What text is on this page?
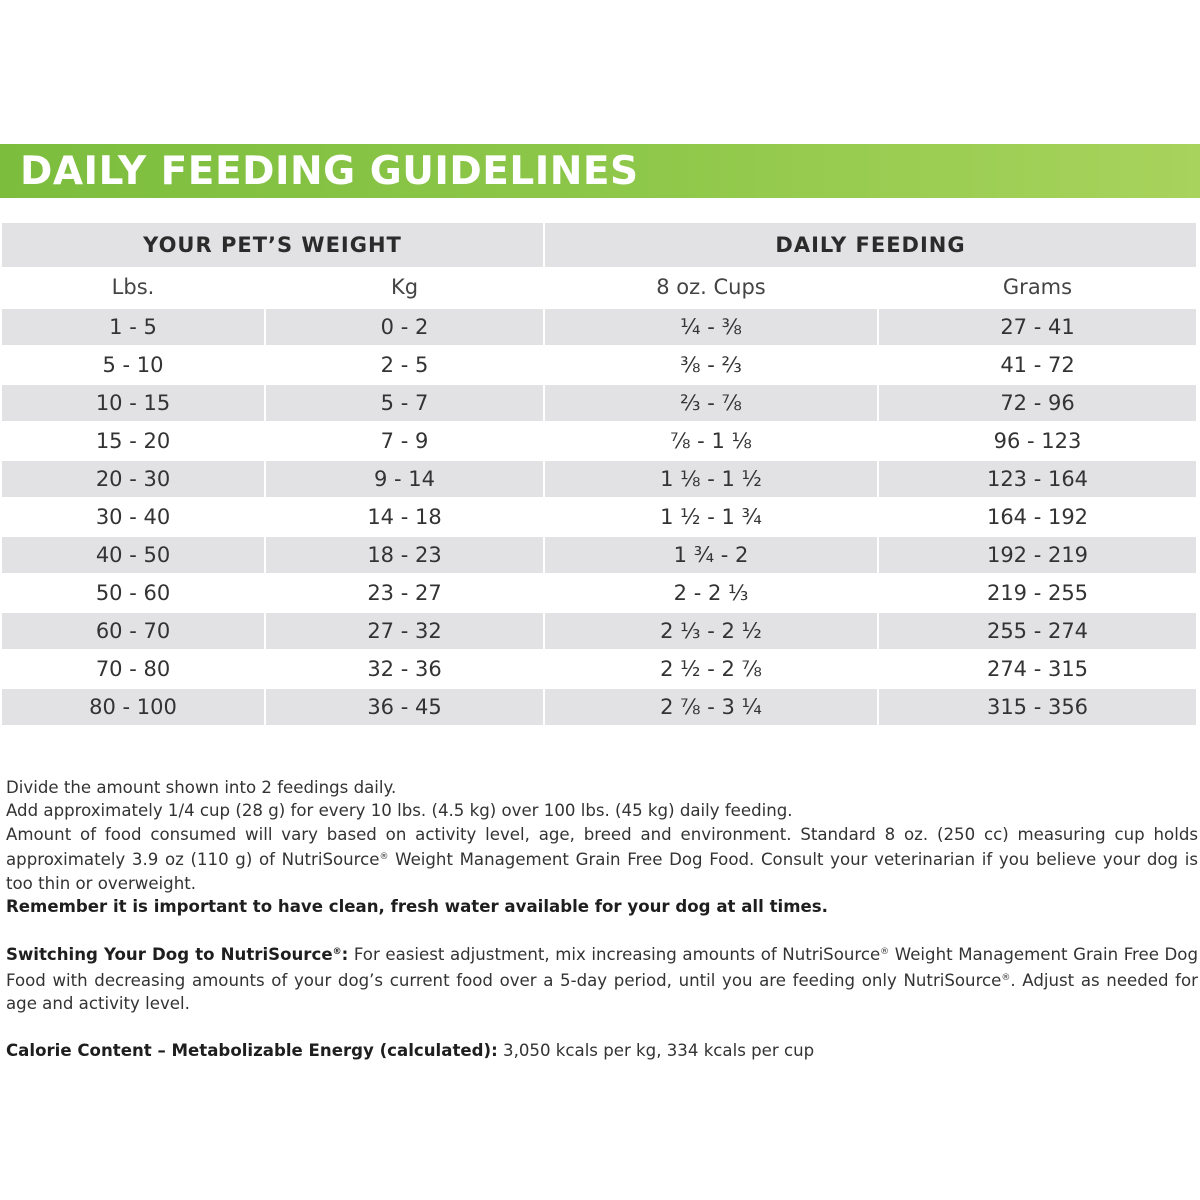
DAILY FEEDING GUIDELINES
YOUR PET’S WEIGHT		DAILY FEEDING	
Lbs.	Kg	8 oz. Cups	Grams
1 - 5	0 - 2	¼ - ⅜	27 - 41
5 - 10	2 - 5	⅜ - ⅔	41 - 72
10 - 15	5 - 7	⅔ - ⅞	72 - 96
15 - 20	7 - 9	⅞ - 1 ⅛	96 - 123
20 - 30	9 - 14	1 ⅛ - 1 ½	123 - 164
30 - 40	14 - 18	1 ½ - 1 ¾	164 - 192
40 - 50	18 - 23	1 ¾ - 2	192 - 219
50 - 60	23 - 27	2 - 2 ⅓	219 - 255
60 - 70	27 - 32	2 ⅓ - 2 ½	255 - 274
70 - 80	32 - 36	2 ½ - 2 ⅞	274 - 315
80 - 100	36 - 45	2 ⅞ - 3 ¼	315 - 356

Divide the amount shown into 2 feedings daily.

Add approximately 1/4 cup (28 g) for every 10 lbs. (4.5 kg) over 100 lbs. (45 kg) daily feeding.

Amount of food consumed will vary based on activity level, age, breed and environment. Standard 8 oz. (250 cc) measuring cup holds approximately 3.9 oz (110 g) of NutriSource® Weight Management Grain Free Dog Food. Consult your veterinarian if you believe your dog is too thin or overweight.

Remember it is important to have clean, fresh water available for your dog at all times.

Switching Your Dog to NutriSource®: For easiest adjustment, mix increasing amounts of NutriSource® Weight Management Grain Free Dog Food with decreasing amounts of your dog’s current food over a 5-day period, until you are feeding only NutriSource®. Adjust as needed for age and activity level.

Calorie Content – Metabolizable Energy (calculated): 3,050 kcals per kg, 334 kcals per cup
